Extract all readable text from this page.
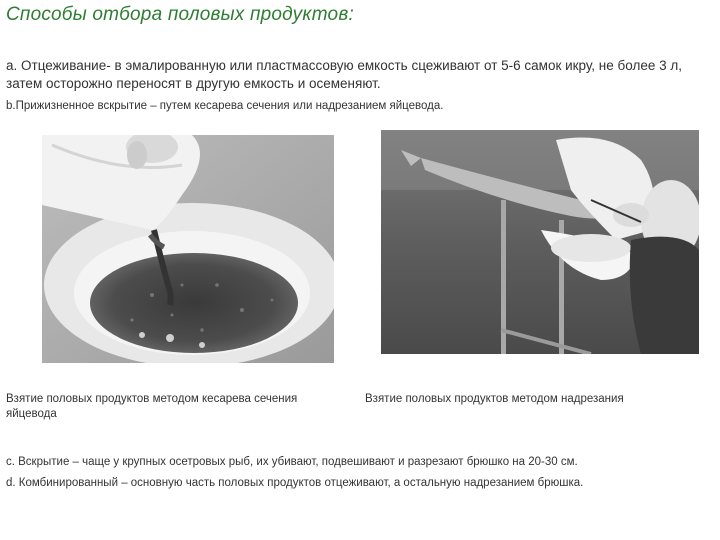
Способы отбора половых продуктов:
a. Отцеживание- в эмалированную или пластмассовую емкость сцеживают от 5-6 самок икру, не более 3 л, затем осторожно переносят в другую емкость и осеменяют.
b.Прижизненное вскрытие – путем кесарева сечения или надрезанием яйцевода.
Взятие половых продуктов методом кесарева сечения яйцевода
Взятие половых продуктов методом надрезания
c. Вскрытие – чаще у крупных осетровых рыб, их убивают, подвешивают и разрезают брюшко на 20-30 см.
d. Комбинированный – основную часть половых продуктов отцеживают, а остальную надрезанием брюшка.
